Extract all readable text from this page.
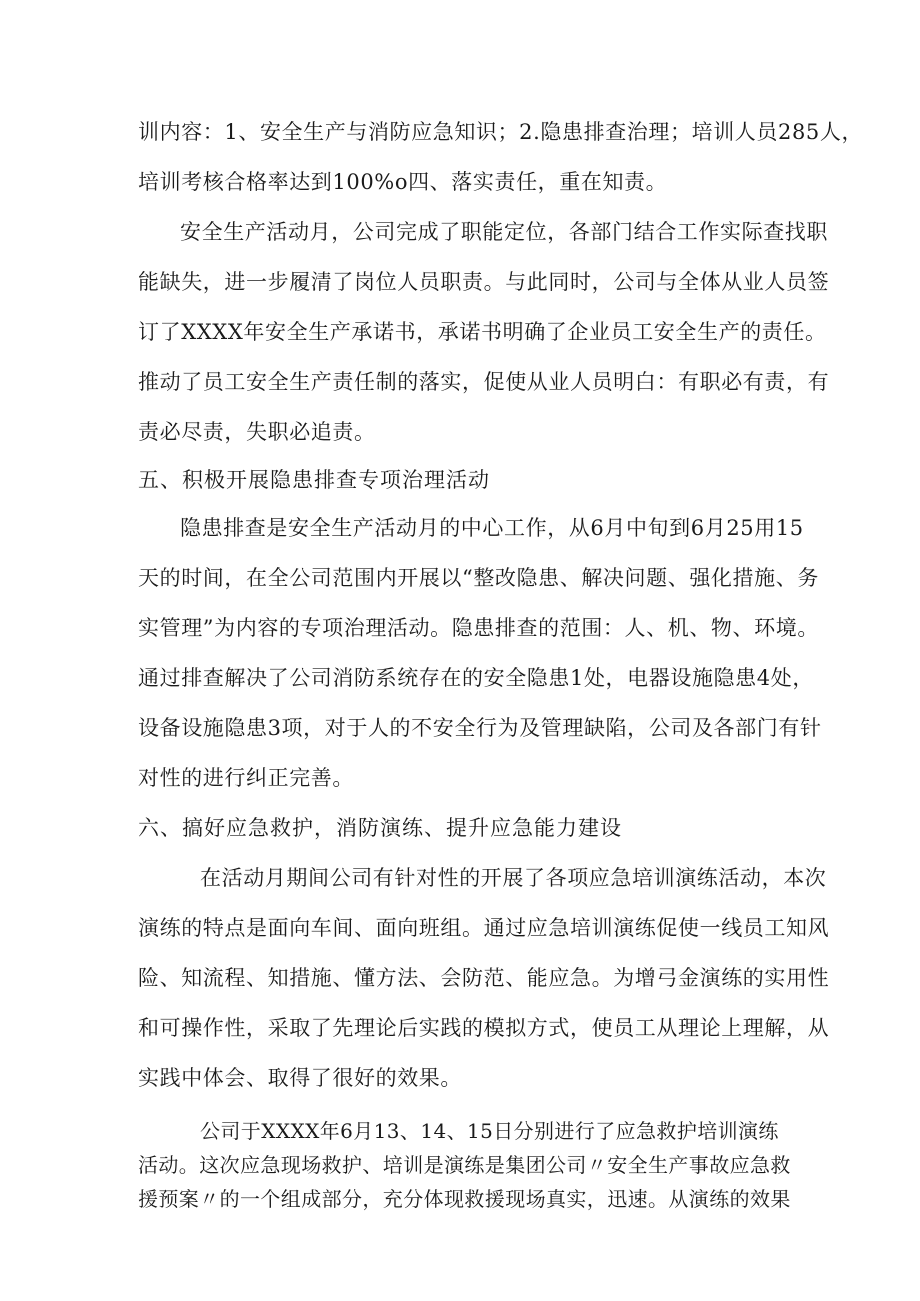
训内容：1、安全生产与消防应急知识；2.隐患排查治理；培训人员285人，
培训考核合格率达到100%o四、落实责任，重在知责。
安全生产活动月，公司完成了职能定位，各部门结合工作实际查找职
能缺失，进一步履清了岗位人员职责。与此同时，公司与全体从业人员签
订了XXXX年安全生产承诺书，承诺书明确了企业员工安全生产的责任。
推动了员工安全生产责任制的落实，促使从业人员明白：有职必有责，有
责必尽责，失职必追责。
五、积极开展隐患排查专项治理活动
隐患排查是安全生产活动月的中心工作，从6月中旬到6月25用15
天的时间，在全公司范围内开展以“整改隐患、解决问题、强化措施、务
实管理”为内容的专项治理活动。隐患排查的范围：人、机、物、环境。
通过排查解决了公司消防系统存在的安全隐患1处，电器设施隐患4处，
设备设施隐患3项，对于人的不安全行为及管理缺陷，公司及各部门有针
对性的进行纠正完善。
六、搞好应急救护，消防演练、提升应急能力建设
在活动月期间公司有针对性的开展了各项应急培训演练活动，本次
演练的特点是面向车间、面向班组。通过应急培训演练促使一线员工知风
险、知流程、知措施、懂方法、会防范、能应急。为增弓金演练的实用性
和可操作性，采取了先理论后实践的模拟方式，使员工从理论上理解，从
实践中体会、取得了很好的效果。
公司于XXXX年6月13、14、15日分别进行了应急救护培训演练
活动。这次应急现场救护、培训是演练是集团公司〃安全生产事故应急救
援预案〃的一个组成部分，充分体现救援现场真实，迅速。从演练的效果
